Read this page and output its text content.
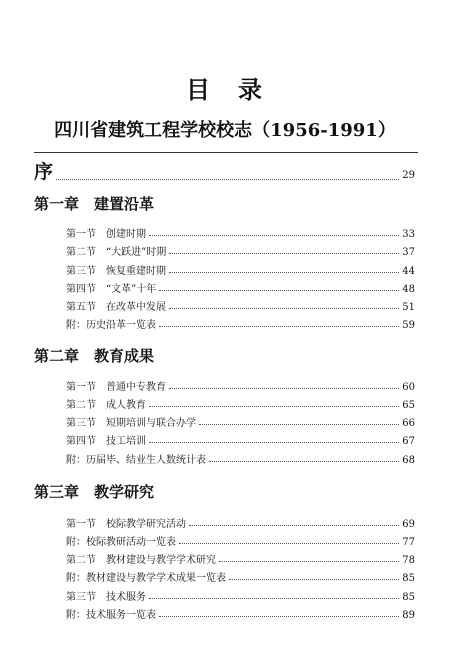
目　录
四川省建筑工程学校校志（1956-1991）
序	29
第一章　建置沿革
第一节　创建时期	33
第二节　“大跃进”时期	37
第三节　恢复重建时期	44
第四节　“文革”十年	48
第五节　在改革中发展	51
附：历史沿革一览表	59
第二章　教育成果
第一节　普通中专教育	60
第二节　成人教育	65
第三节　短期培训与联合办学	66
第四节　技工培训	67
附：历届毕、结业生人数统计表	68
第三章　教学研究
第一节　校际教学研究活动	69
附：校际教研活动一览表	77
第二节　教材建设与教学学术研究	78
附：教材建设与教学学术成果一览表	85
第三节　技术服务	85
附：技术服务一览表	89
